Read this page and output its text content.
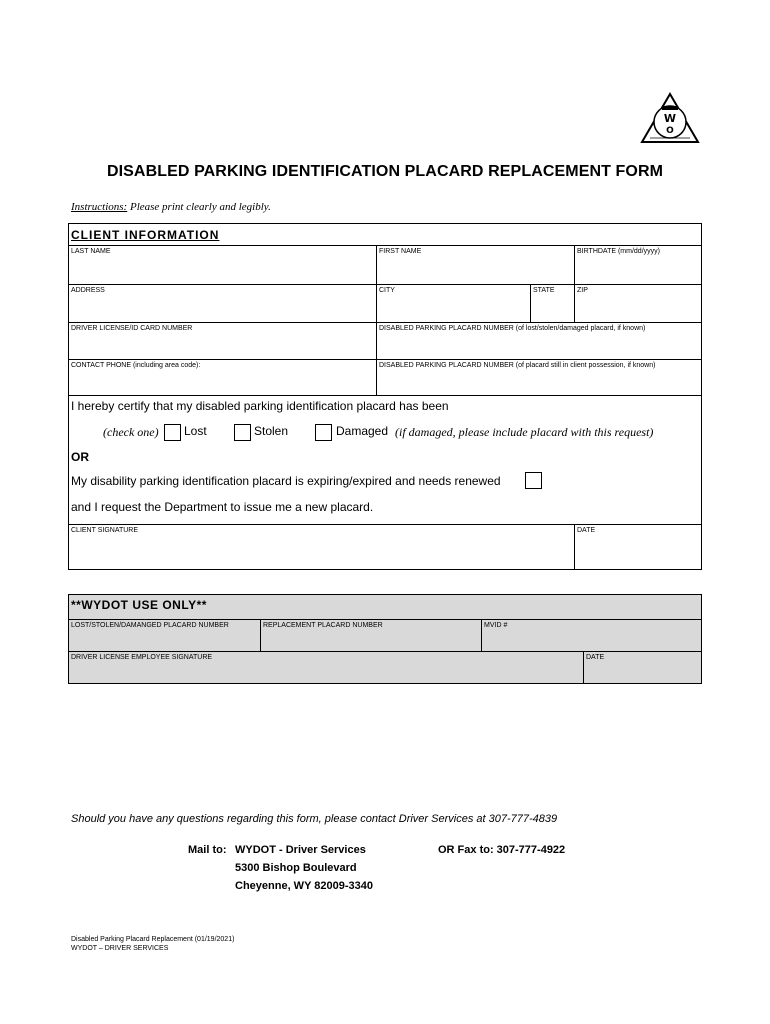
W
O
DISABLED PARKING IDENTIFICATION PLACARD REPLACEMENT FORM
Instructions: Please print clearly and legibly.
CLIENT INFORMATION
LAST NAME	FIRST NAME	BIRTHDATE (mm/dd/yyyy)
ADDRESS	CITY	STATE	ZIP
DRIVER LICENSE/ID CARD NUMBER	DISABLED PARKING PLACARD NUMBER (of lost/stolen/damaged placard, if known)
CONTACT PHONE (including area code):	DISABLED PARKING PLACARD NUMBER (of placard still in client possession, if known)
I hereby certify that my disabled parking identification placard has been
(check one) Lost	Stolen	Damaged (if damaged, please include placard with this request)
OR
My disability parking identification placard is expiring/expired and needs renewed
and I request the Department to issue me a new placard.
CLIENT SIGNATURE	DATE
**WYDOT USE ONLY**
LOST/STOLEN/DAMANGED PLACARD NUMBER	REPLACEMENT PLACARD NUMBER	MVID #
DRIVER LICENSE EMPLOYEE SIGNATURE	DATE
Should you have any questions regarding this form, please contact Driver Services at 307-777-4839
Mail to: WYDOT - Driver Services
5300 Bishop Boulevard
Cheyenne, WY 82009-3340
OR Fax to: 307-777-4922
Disabled Parking Placard Replacement (01/19/2021)
WYDOT – DRIVER SERVICES
